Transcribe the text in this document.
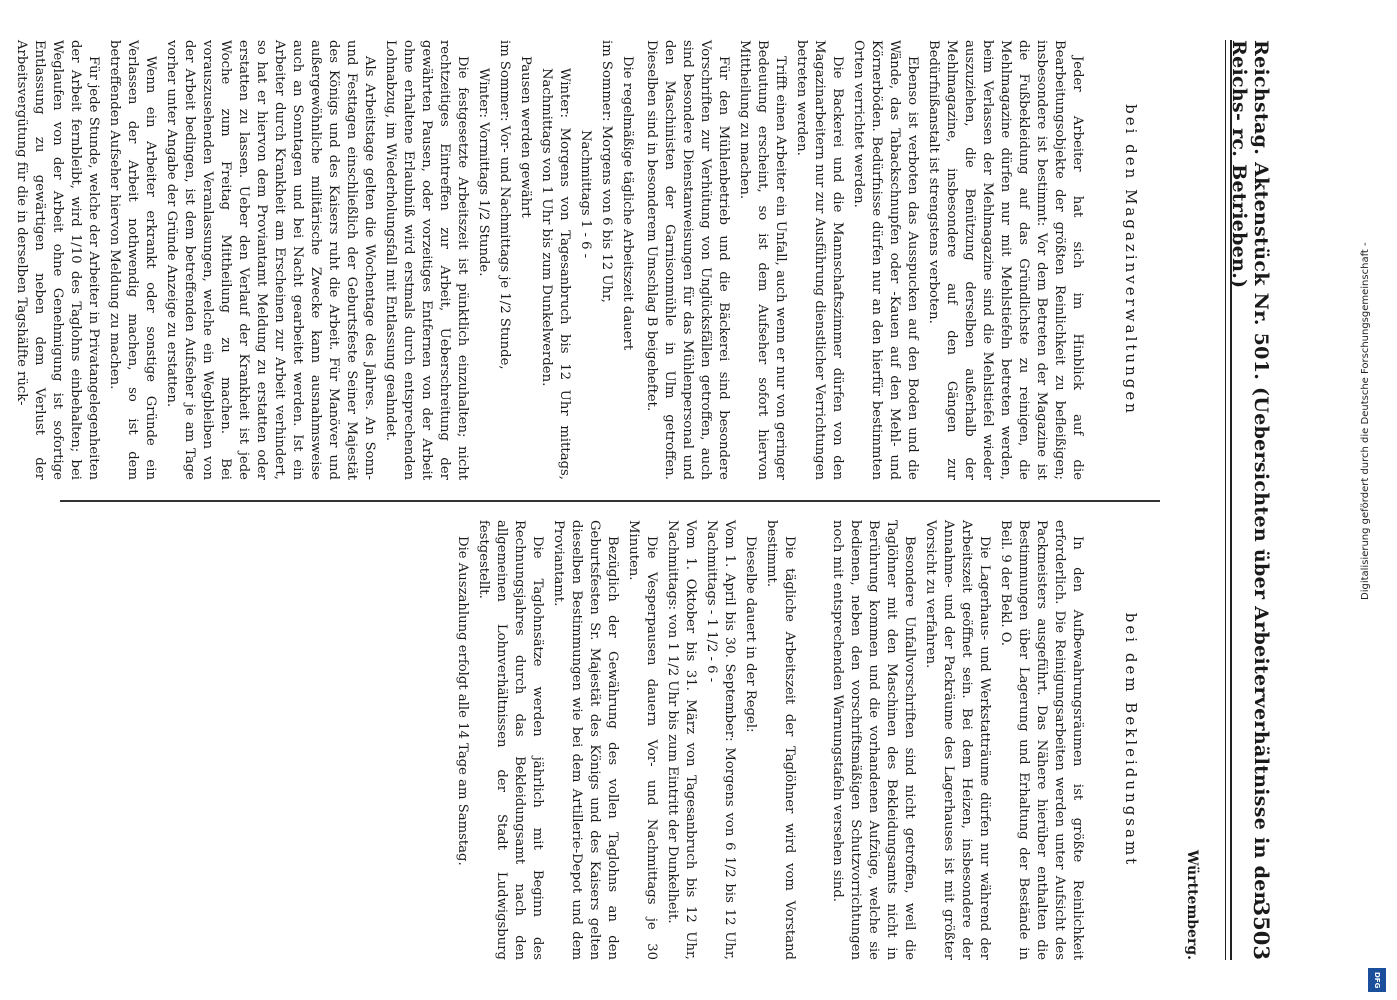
Reichstag. Aktenstück Nr. 501. (Uebersichten über Arbeiterverhältnisse in den Reichs- rc. Betrieben.)
3503
Württemberg.

bei den Magazinverwaltungen

Jeder Arbeiter hat sich im Hinblick auf die Bearbeitungsobjekte der größten Reinlichkeit zu befleißigen; insbesondere ist bestimmt: Vor dem Betreten der Magazine ist die Fußbekleidung auf das Gründlichste zu reinigen, die Mehlmagazine dürfen nur mit Mehlstiefeln betreten werden, beim Verlassen der Mehlmagazine sind die Mehlstiefel wieder auszuziehen, die Benützung derselben außerhalb der Mehlmagazine, insbesondere auf den Gängen zur Bedürfnißanstalt ist strengstens verboten.

Ebenso ist verboten das Ausspucken auf den Boden und die Wände, das Tabackschnupfen oder -Kauen auf den Mehl- und Körnerböden. Bedürfnisse dürfen nur an den hierfür bestimmten Orten verrichtet werden.

Die Backerei und die Mannschaftszimmer dürfen von den Magazinarbeitern nur zur Ausführung dienstlicher Verrichtungen betreten werden.

Trifft einen Arbeiter ein Unfall, auch wenn er nur von geringer Bedeutung erscheint, so ist dem Aufseher sofort hiervon Mittheilung zu machen.

Für den Mühlenbetrieb und die Bäckerei sind besondere Vorschriften zur Verhütung von Unglücksfällen getroffen, auch sind besondere Dienstanweisungen für das Mühlenpersonal und den Maschinisten der Garnisonmühle in Ulm getroffen. Dieselben sind in besonderem Umschlag B beigeheftet.

Die regelmäßige tägliche Arbeitszeit dauert

im Sommer: Morgens von 6 bis 12 Uhr,

Nachmittags 1 - 6 -

Winter: Morgens von Tagesanbruch bis 12 Uhr mittags, Nachmittags von 1 Uhr bis zum Dunkelwerden.

Pausen werden gewährt

im Sommer: Vor- und Nachmittags je 1/2 Stunde,

Winter: Vormittags 1/2 Stunde.

Die festgesetzte Arbeitszeit ist pünktlich einzuhalten; nicht rechtzeitiges Eintreffen zur Arbeit, Ueberschreitung der gewährten Pausen, oder vorzeitiges Entfernen von der Arbeit ohne erhaltene Erlaubniß wird erstmals durch entsprechenden Lohnabzug, im Wiederholungsfall mit Entlassung geahndet.

Als Arbeitstage gelten die Wochentage des Jahres. An Sonn- und Festtagen einschließlich der Geburtsfeste Seiner Majestät des Königs und des Kaisers ruht die Arbeit. Für Manöver und außergewöhnliche militärische Zwecke kann ausnahmsweise auch an Sonntagen und bei Nacht gearbeitet werden. Ist ein Arbeiter durch Krankheit am Erscheinen zur Arbeit verhindert, so hat er hiervon dem Proviantamt Meldung zu erstatten oder erstatten zu lassen. Ueber den Verlauf der Krankheit ist jede Woche zum Freitag Mittheilung zu machen. Bei vorauszusehenden Veranlassungen, welche ein Wegbleiben von der Arbeit bedingen, ist dem betreffenden Aufseher je am Tage vorher unter Angabe der Gründe Anzeige zu erstatten.

Wenn ein Arbeiter erkrankt oder sonstige Gründe ein Verlassen der Arbeit nothwendig machen, so ist dem betreffenden Aufseher hiervon Meldung zu machen.

Für jede Stunde, welche der Arbeiter in Privatangelegenheiten der Arbeit fernbleibt, wird 1/10 des Taglohns einbehalten; bei Weglaufen von der Arbeit ohne Genehmigung ist sofortige Entlassung zu gewärtigen neben dem Verlust der Arbeitsvergütung für die in derselben Tagshälfte rück-

bei dem Bekleidungsamt

In den Aufbewahrungsräumen ist größte Reinlichkeit erforderlich. Die Reinigungsarbeiten werden unter Aufsicht des Packmeisters ausgeführt. Das Nähere hierüber enthalten die Bestimmungen über Lagerung und Erhaltung der Bestände in Beil. 9 der Bekl. O.

Die Lagerhaus- und Werkstatträume dürfen nur während der Arbeitszeit geöffnet sein. Bei dem Heizen, insbesondere der Annahme- und der Packräume des Lagerhauses ist mit größter Vorsicht zu verfahren.

Besondere Unfallvorschriften sind nicht getroffen, weil die Taglöhner mit den Maschinen des Bekleidungsamts nicht in Berührung kommen und die vorhandenen Aufzüge, welche sie bedienen, neben den vorschriftsmäßigen Schutzvorrichtungen noch mit entsprechenden Warnungstafeln versehen sind.

Die tägliche Arbeitszeit der Taglöhner wird vom Vorstand bestimmt.

Dieselbe dauert in der Regel:

Vom 1. April bis 30. September: Morgens von 6 1/2 bis 12 Uhr, Nachmittags - 1 1/2 - 6 -

Vom 1. Oktober bis 31. März von Tagesanbruch bis 12 Uhr, Nachmittags: von 1 1/2 Uhr bis zum Eintritt der Dunkelheit.

Die Vesperpausen dauern Vor- und Nachmittags je 30 Minuten.

Bezüglich der Gewährung des vollen Taglohns an den Geburtsfesten Sr. Majestät des Königs und des Kaisers gelten dieselben Bestimmungen wie bei dem Artillerie-Depot und dem Proviantamt.

Die Taglohnsätze werden jährlich mit Beginn des Rechnungsjahres durch das Bekleidungsamt nach den allgemeinen Lohnverhältnissen der Stadt Ludwigsburg festgestellt.

Die Auszahlung erfolgt alle 14 Tage am Samstag.

Digitalisierung gefördert durch die Deutsche Forschungsgemeinschaft -
DFG
